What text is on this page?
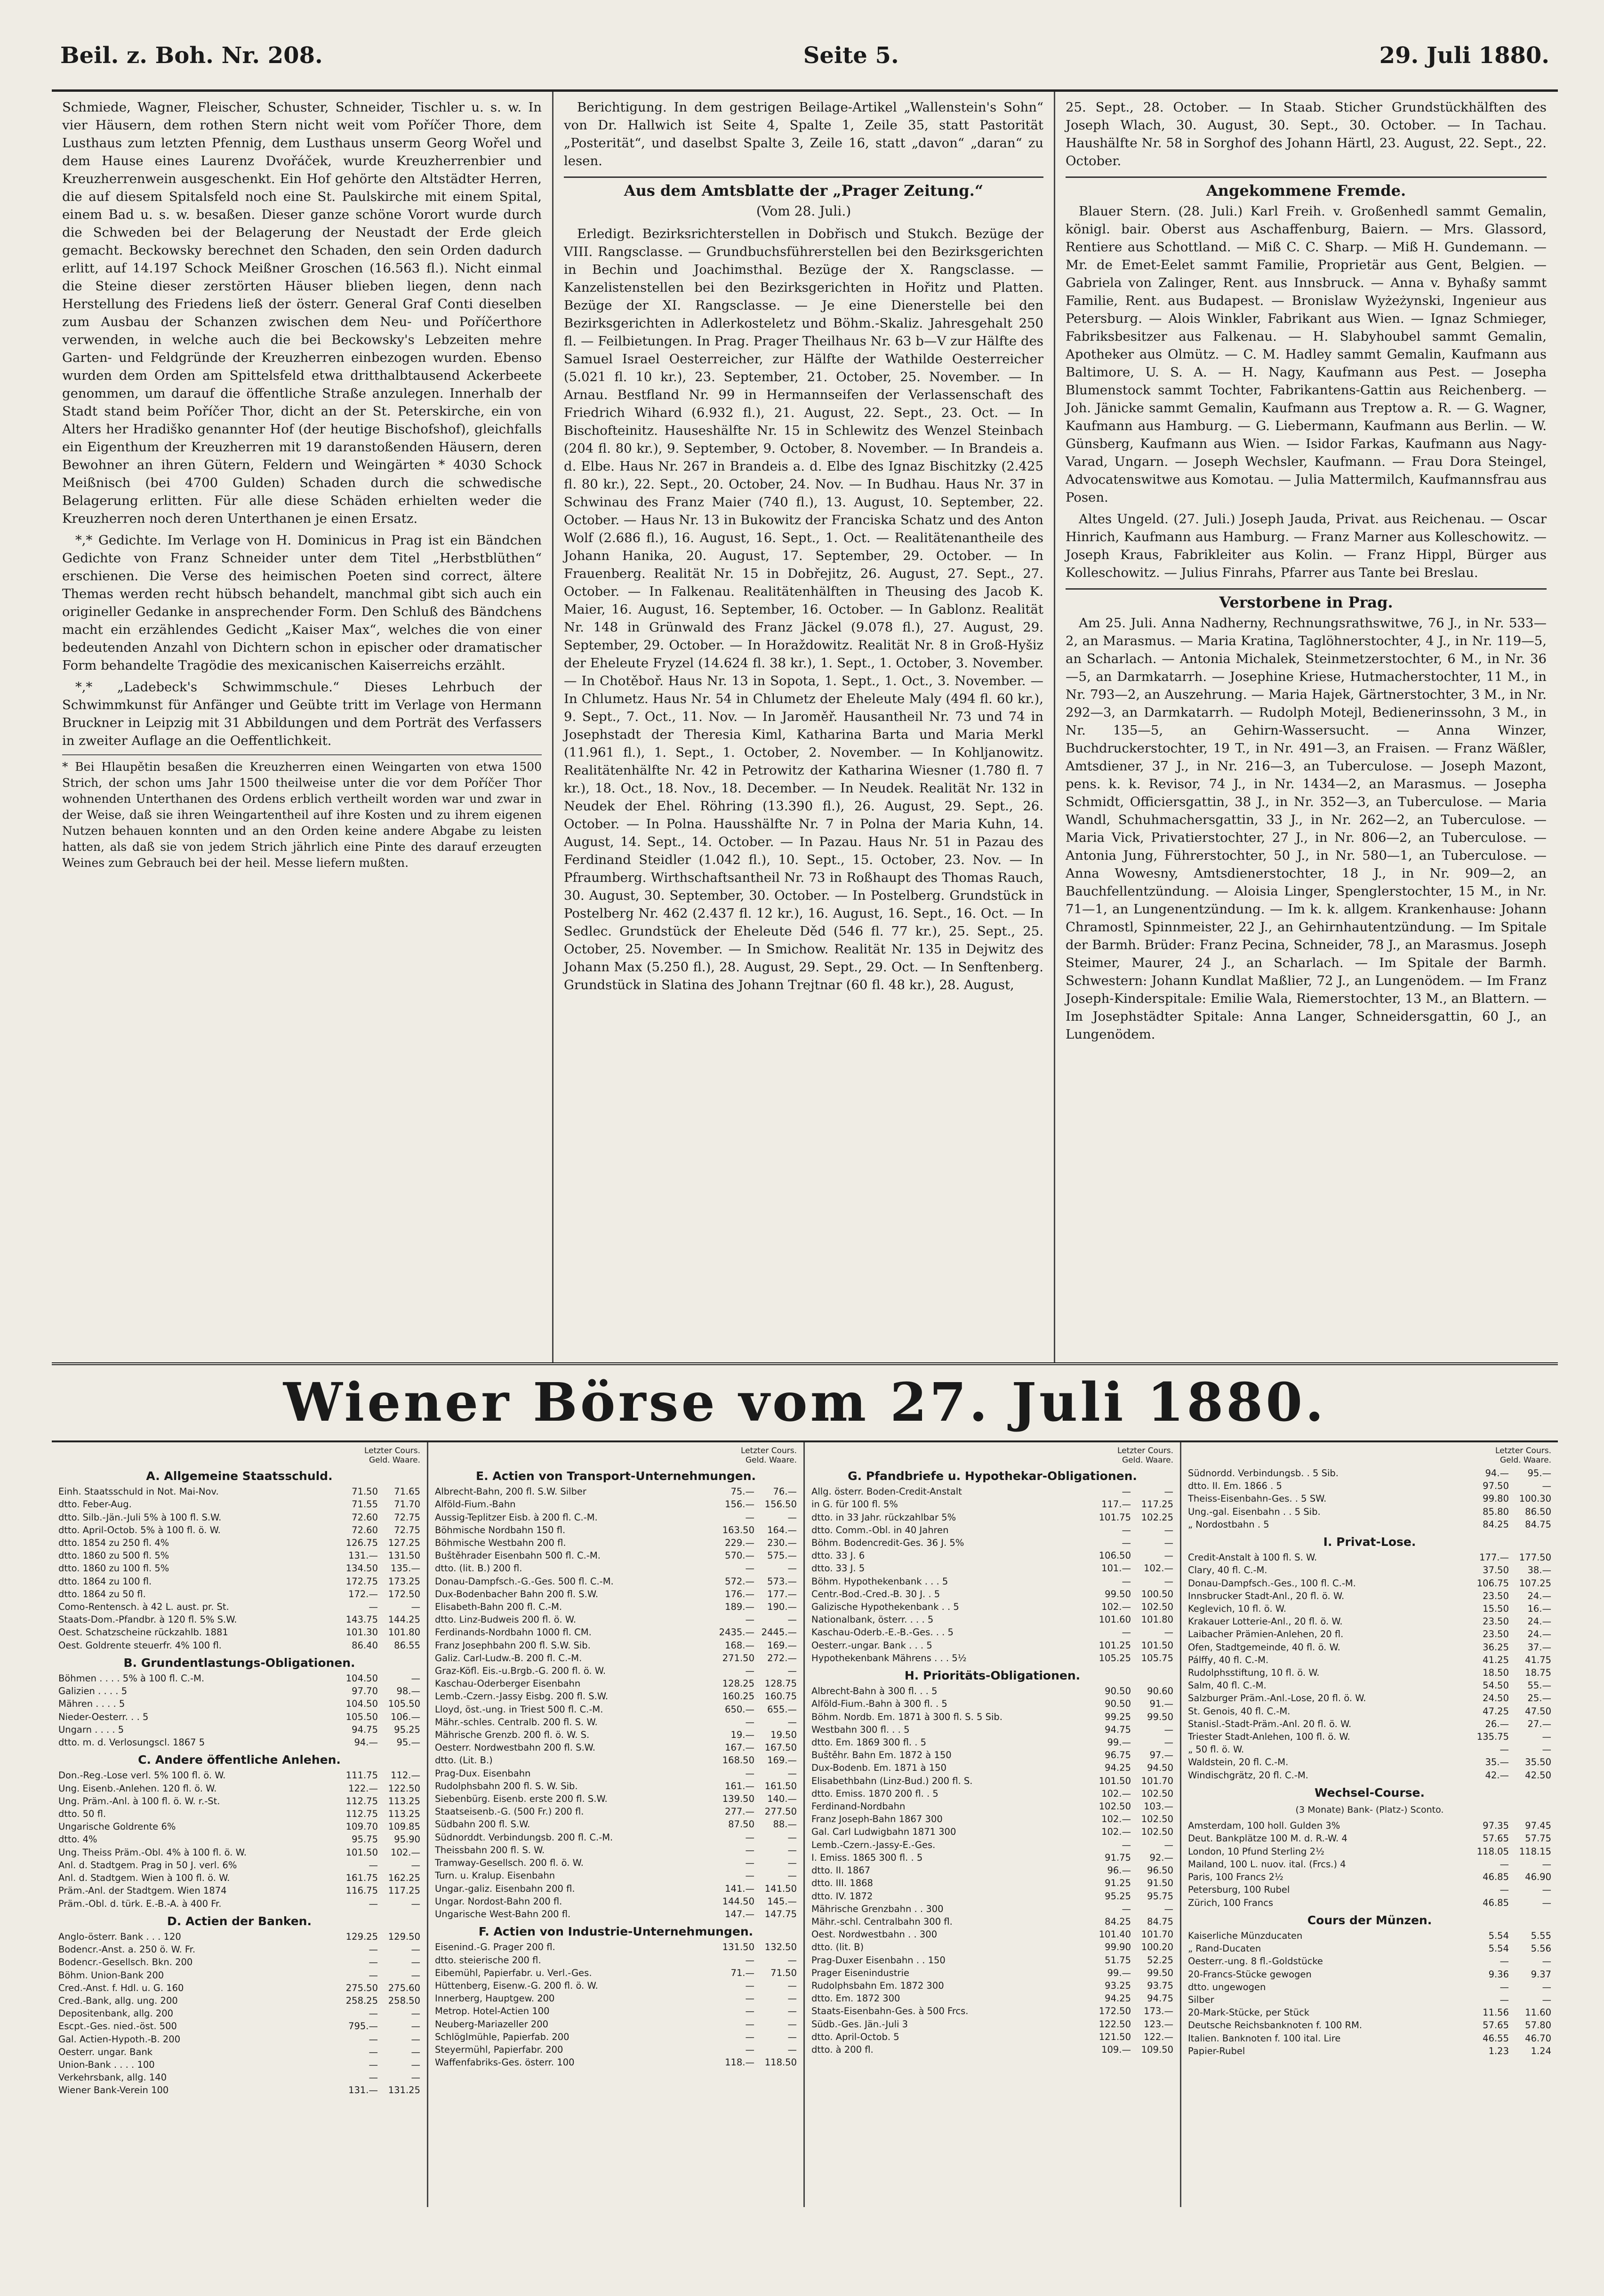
Beil. z. Boh. Nr. 208.	Seite 5.	29. Juli 1880.

Schmiede, Wagner, Fleischer, Schuster, Schneider, Tischler u. s. w. In vier Häusern, dem rothen Stern nicht weit vom Poříčer Thore, dem Lusthaus zum letzten Pfennig, dem Lusthaus unserm Georg Wořel und dem Hause eines Laurenz Dvořáček, wurde Kreuzherrenbier und Kreuzherrenwein ausgeschenkt. Ein Hof gehörte den Altstädter Herren, die auf diesem Spitalsfeld noch eine St. Paulskirche mit einem Spital, einem Bad u. s. w. besaßen. Dieser ganze schöne Vorort wurde durch die Schweden bei der Belagerung der Neustadt der Erde gleich gemacht. Beckowsky berechnet den Schaden, den sein Orden dadurch erlitt, auf 14.197 Schock Meißner Groschen (16.563 fl.). Nicht einmal die Steine dieser zerstörten Häuser blieben liegen, denn nach Herstellung des Friedens ließ der österr. General Graf Conti dieselben zum Ausbau der Schanzen zwischen dem Neu- und Poříčerthore verwenden, in welche auch die bei Beckowsky's Lebzeiten mehre Garten- und Feldgründe der Kreuzherren einbezogen wurden. Ebenso wurden dem Orden am Spittelsfeld etwa dritthalbtausend Ackerbeete genommen, um darauf die öffentliche Straße anzulegen. Innerhalb der Stadt stand beim Poříčer Thor, dicht an der St. Peterskirche, ein von Alters her Hradiško genannter Hof (der heutige Bischofshof), gleichfalls ein Eigenthum der Kreuzherren mit 19 daranstoßenden Häusern, deren Bewohner an ihren Gütern, Feldern und Weingärten * 4030 Schock Meißnisch (bei 4700 Gulden) Schaden durch die schwedische Belagerung erlitten. Für alle diese Schäden erhielten weder die Kreuzherren noch deren Unterthanen je einen Ersatz.

*,* Gedichte. Im Verlage von H. Dominicus in Prag ist ein Bändchen Gedichte von Franz Schneider unter dem Titel „Herbstblüthen“ erschienen. Die Verse des heimischen Poeten sind correct, ältere Themas werden recht hübsch behandelt, manchmal gibt sich auch ein origineller Gedanke in ansprechender Form. Den Schluß des Bändchens macht ein erzählendes Gedicht „Kaiser Max“, welches die von einer bedeutenden Anzahl von Dichtern schon in epischer oder dramatischer Form behandelte Tragödie des mexicanischen Kaiserreichs erzählt.

*,* „Ladebeck's Schwimmschule.“ Dieses Lehrbuch der Schwimmkunst für Anfänger und Geübte tritt im Verlage von Hermann Bruckner in Leipzig mit 31 Abbildungen und dem Porträt des Verfassers in zweiter Auflage an die Oeffentlichkeit.

* Bei Hlaupětin besaßen die Kreuzherren einen Weingarten von etwa 1500 Strich, der schon ums Jahr 1500 theilweise unter die vor dem Poříčer Thor wohnenden Unterthanen des Ordens erblich vertheilt worden war und zwar in der Weise, daß sie ihren Weingartentheil auf ihre Kosten und zu ihrem eigenen Nutzen behauen konnten und an den Orden keine andere Abgabe zu leisten hatten, als daß sie von jedem Strich jährlich eine Pinte des darauf erzeugten Weines zum Gebrauch bei der heil. Messe liefern mußten.

Berichtigung. In dem gestrigen Beilage-Artikel „Wallenstein's Sohn“ von Dr. Hallwich ist Seite 4, Spalte 1, Zeile 35, statt Pastorität „Posterität“, und daselbst Spalte 3, Zeile 16, statt „davon“ „daran“ zu lesen.

Aus dem Amtsblatte der „Prager Zeitung.“
(Vom 28. Juli.)

Erledigt. Bezirksrichterstellen in Dobřisch und Stukch. Bezüge der VIII. Rangsclasse. — Grundbuchsführerstellen bei den Bezirksgerichten in Bechin und Joachimsthal. Bezüge der X. Rangsclasse. — Kanzelistenstellen bei den Bezirksgerichten in Hořitz und Platten. Bezüge der XI. Rangsclasse. — Je eine Dienerstelle bei den Bezirksgerichten in Adlerkosteletz und Böhm.-Skaliz. Jahresgehalt 250 fl. — Feilbietungen. In Prag. Prager Theilhaus Nr. 63 b—V zur Hälfte des Samuel Israel Oesterreicher, zur Hälfte der Wathilde Oesterreicher (5.021 fl. 10 kr.), 23. September, 21. October, 25. November. — In Arnau. Bestfland Nr. 99 in Hermannseifen der Verlassenschaft des Friedrich Wihard (6.932 fl.), 21. August, 22. Sept., 23. Oct. — In Bischofteinitz. Hauseshälfte Nr. 15 in Schlewitz des Wenzel Steinbach (204 fl. 80 kr.), 9. September, 9. October, 8. November. — In Brandeis a. d. Elbe. Haus Nr. 267 in Brandeis a. d. Elbe des Ignaz Bischitzky (2.425 fl. 80 kr.), 22. Sept., 20. October, 24. Nov. — In Budhau. Haus Nr. 37 in Schwinau des Franz Maier (740 fl.), 13. August, 10. September, 22. October. — Haus Nr. 13 in Bukowitz der Franciska Schatz und des Anton Wolf (2.686 fl.), 16. August, 16. Sept., 1. Oct. — Realitätenantheile des Johann Hanika, 20. August, 17. September, 29. October. — In Frauenberg. Realität Nr. 15 in Dobřejitz, 26. August, 27. Sept., 27. October. — In Falkenau. Realitätenhälften in Theusing des Jacob K. Maier, 16. August, 16. September, 16. October. — In Gablonz. Realität Nr. 148 in Grünwald des Franz Jäckel (9.078 fl.), 27. August, 29. September, 29. October. — In Horaždowitz. Realität Nr. 8 in Groß-Hyšiz der Eheleute Fryzel (14.624 fl. 38 kr.), 1. Sept., 1. October, 3. November. — In Chotěboř. Haus Nr. 13 in Sopota, 1. Sept., 1. Oct., 3. November. — In Chlumetz. Haus Nr. 54 in Chlumetz der Eheleute Maly (494 fl. 60 kr.), 9. Sept., 7. Oct., 11. Nov. — In Jaroměř. Hausantheil Nr. 73 und 74 in Josephstadt der Theresia Kiml, Katharina Barta und Maria Merkl (11.961 fl.), 1. Sept., 1. October, 2. November. — In Kohljanowitz. Realitätenhälfte Nr. 42 in Petrowitz der Katharina Wiesner (1.780 fl. 7 kr.), 18. Oct., 18. Nov., 18. December. — In Neudek. Realität Nr. 132 in Neudek der Ehel. Röhring (13.390 fl.), 26. August, 29. Sept., 26. October. — In Polna. Hausshälfte Nr. 7 in Polna der Maria Kuhn, 14. August, 14. Sept., 14. October. — In Pazau. Haus Nr. 51 in Pazau des Ferdinand Steidler (1.042 fl.), 10. Sept., 15. October, 23. Nov. — In Pfraumberg. Wirthschaftsantheil Nr. 73 in Roßhaupt des Thomas Rauch, 30. August, 30. September, 30. October. — In Postelberg. Grundstück in Postelberg Nr. 462 (2.437 fl. 12 kr.), 16. August, 16. Sept., 16. Oct. — In Sedlec. Grundstück der Eheleute Děd (546 fl. 77 kr.), 25. Sept., 25. October, 25. November. — In Smichow. Realität Nr. 135 in Dejwitz des Johann Max (5.250 fl.), 28. August, 29. Sept., 29. Oct. — In Senftenberg. Grundstück in Slatina des Johann Trejtnar (60 fl. 48 kr.), 28. August,

25. Sept., 28. October. — In Staab. Sticher Grundstückhälften des Joseph Wlach, 30. August, 30. Sept., 30. October. — In Tachau. Haushälfte Nr. 58 in Sorghof des Johann Härtl, 23. August, 22. Sept., 22. October.

Angekommene Fremde.

Blauer Stern. (28. Juli.) Karl Freih. v. Großenhedl sammt Gemalin, königl. bair. Oberst aus Aschaffenburg, Baiern. — Mrs. Glassord, Rentiere aus Schottland. — Miß C. C. Sharp. — Miß H. Gundemann. — Mr. de Emet-Eelet sammt Familie, Proprietär aus Gent, Belgien. — Gabriela von Zalinger, Rent. aus Innsbruck. — Anna v. Byhaßy sammt Familie, Rent. aus Budapest. — Bronislaw Wyżeżynski, Ingenieur aus Petersburg. — Alois Winkler, Fabrikant aus Wien. — Ignaz Schmieger, Fabriksbesitzer aus Falkenau. — H. Slabyhoubel sammt Gemalin, Apotheker aus Olmütz. — C. M. Hadley sammt Gemalin, Kaufmann aus Baltimore, U. S. A. — H. Nagy, Kaufmann aus Pest. — Josepha Blumenstock sammt Tochter, Fabrikantens-Gattin aus Reichenberg. — Joh. Jänicke sammt Gemalin, Kaufmann aus Treptow a. R. — G. Wagner, Kaufmann aus Hamburg. — G. Liebermann, Kaufmann aus Berlin. — W. Günsberg, Kaufmann aus Wien. — Isidor Farkas, Kaufmann aus Nagy-Varad, Ungarn. — Joseph Wechsler, Kaufmann. — Frau Dora Steingel, Advocatenswitwe aus Komotau. — Julia Mattermilch, Kaufmannsfrau aus Posen.

Altes Ungeld. (27. Juli.) Joseph Jauda, Privat. aus Reichenau. — Oscar Hinrich, Kaufmann aus Hamburg. — Franz Marner aus Kolleschowitz. — Joseph Kraus, Fabrikleiter aus Kolin. — Franz Hippl, Bürger aus Kolleschowitz. — Julius Finrahs, Pfarrer aus Tante bei Breslau.

Verstorbene in Prag.

Am 25. Juli. Anna Nadherny, Rechnungsrathswitwe, 76 J., in Nr. 533—2, an Marasmus. — Maria Kratina, Taglöhnerstochter, 4 J., in Nr. 119—5, an Scharlach. — Antonia Michalek, Steinmetzerstochter, 6 M., in Nr. 36—5, an Darmkatarrh. — Josephine Kriese, Hutmacherstochter, 11 M., in Nr. 793—2, an Auszehrung. — Maria Hajek, Gärtnerstochter, 3 M., in Nr. 292—3, an Darmkatarrh. — Rudolph Motejl, Bedienerinssohn, 3 M., in Nr. 135—5, an Gehirn-Wassersucht. — Anna Winzer, Buchdruckerstochter, 19 T., in Nr. 491—3, an Fraisen. — Franz Wäßler, Amtsdiener, 37 J., in Nr. 216—3, an Tuberculose. — Joseph Mazont, pens. k. k. Revisor, 74 J., in Nr. 1434—2, an Marasmus. — Josepha Schmidt, Officiersgattin, 38 J., in Nr. 352—3, an Tuberculose. — Maria Wandl, Schuhmachersgattin, 33 J., in Nr. 262—2, an Tuberculose. — Maria Vick, Privatierstochter, 27 J., in Nr. 806—2, an Tuberculose. — Antonia Jung, Führerstochter, 50 J., in Nr. 580—1, an Tuberculose. — Anna Wowesny, Amtsdienerstochter, 18 J., in Nr. 909—2, an Bauchfellentzündung. — Aloisia Linger, Spenglerstochter, 15 M., in Nr. 71—1, an Lungenentzündung. — Im k. k. allgem. Krankenhause: Johann Chramostl, Spinnmeister, 22 J., an Gehirnhautentzündung. — Im Spitale der Barmh. Brüder: Franz Pecina, Schneider, 78 J., an Marasmus. Joseph Steimer, Maurer, 24 J., an Scharlach. — Im Spitale der Barmh. Schwestern: Johann Kundlat Maßlier, 72 J., an Lungenödem. — Im Franz Joseph-Kinderspitale: Emilie Wala, Riemerstochter, 13 M., an Blattern. — Im Josephstädter Spitale: Anna Langer, Schneidersgattin, 60 J., an Lungenödem.

Wiener Börse vom 27. Juli 1880.
Letzter Cours.
Geld. Waare.
A. Allgemeine Staatsschuld.
Einh. Staatsschuld in Not. Mai-Nov.	71.50	71.65
dtto. Feber-Aug.	71.55	71.70
dtto. Silb.-Jän.-Juli 5% à 100 fl. S.W.	72.60	72.75
dtto. April-Octob. 5% à 100 fl. ö. W.	72.60	72.75
dtto. 1854 zu 250 fl. 4%	126.75	127.25
dtto. 1860 zu 500 fl. 5%	131.—	131.50
dtto. 1860 zu 100 fl. 5%	134.50	135.—
dtto. 1864 zu 100 fl.	172.75	173.25
dtto. 1864 zu 50 fl.	172.—	172.50
Como-Rentensch. à 42 L. aust. pr. St.	—	—
Staats-Dom.-Pfandbr. à 120 fl. 5% S.W.	143.75	144.25
Oest. Schatzscheine rückzahlb. 1881	101.30	101.80
Oest. Goldrente steuerfr. 4% 100 fl.	86.40	86.55
B. Grundentlastungs-Obligationen.
Böhmen . . . . 5% à 100 fl. C.-M.	104.50	—
Galizien . . . . 5	97.70	98.—
Mähren . . . . 5	104.50	105.50
Nieder-Oesterr. . . 5	105.50	106.—
Ungarn . . . . 5	94.75	95.25
dtto. m. d. Verlosungscl. 1867 5	94.—	95.—
C. Andere öffentliche Anlehen.
Don.-Reg.-Lose verl. 5% 100 fl. ö. W.	111.75	112.—
Ung. Eisenb.-Anlehen. 120 fl. ö. W.	122.—	122.50
Ung. Präm.-Anl. à 100 fl. ö. W. r.-St.	112.75	113.25
dtto. 50 fl.	112.75	113.25
Ungarische Goldrente 6%	109.70	109.85
dtto. 4%	95.75	95.90
Ung. Theiss Präm.-Obl. 4% à 100 fl. ö. W.	101.50	102.—
Anl. d. Stadtgem. Prag in 50 J. verl. 6%	—	—
Anl. d. Stadtgem. Wien à 100 fl. ö. W.	161.75	162.25
Präm.-Anl. der Stadtgem. Wien 1874	116.75	117.25
Präm.-Obl. d. türk. E.-B.-A. à 400 Fr.	—	—
D. Actien der Banken.
Anglo-österr. Bank . . . 120	129.25	129.50
Bodencr.-Anst. a. 250 ö. W. Fr.	—	—
Bodencr.-Gesellsch. Bkn. 200	—	—
Böhm. Union-Bank 200	—	—
Cred.-Anst. f. Hdl. u. G. 160	275.50	275.60
Cred.-Bank, allg. ung. 200	258.25	258.50
Depositenbank, allg. 200	—	—
Escpt.-Ges. nied.-öst. 500	795.—	—
Gal. Actien-Hypoth.-B. 200	—	—
Oesterr. ungar. Bank	—	—
Union-Bank . . . . 100	—	—
Verkehrsbank, allg. 140	—	—
Wiener Bank-Verein 100	131.—	131.25
Letzter Cours.
Geld. Waare.
E. Actien von Transport-Unternehmungen.
Albrecht-Bahn, 200 fl. S.W. Silber	75.—	76.—
Alföld-Fium.-Bahn	156.—	156.50
Aussig-Teplitzer Eisb. à 200 fl. C.-M.	—	—
Böhmische Nordbahn 150 fl.	163.50	164.—
Böhmische Westbahn 200 fl.	229.—	230.—
Buštěhrader Eisenbahn 500 fl. C.-M.	570.—	575.—
dtto. (lit. B.) 200 fl.	—	—
Donau-Dampfsch.-G.-Ges. 500 fl. C.-M.	572.—	573.—
Dux-Bodenbacher Bahn 200 fl. S.W.	176.—	177.—
Elisabeth-Bahn 200 fl. C.-M.	189.—	190.—
dtto. Linz-Budweis 200 fl. ö. W.	—	—
Ferdinands-Nordbahn 1000 fl. CM.	2435.— 2445.—
Franz Josephbahn 200 fl. S.W. Sib.	168.—	169.—
Galiz. Carl-Ludw.-B. 200 fl. C.-M.	271.50	272.—
Graz-Köfl. Eis.-u.Brgb.-G. 200 fl. ö. W.	—	—
Kaschau-Oderberger Eisenbahn	128.25	128.75
Lemb.-Czern.-Jassy Eisbg. 200 fl. S.W.	160.25	160.75
Lloyd, öst.-ung. in Triest 500 fl. C.-M.	650.—	655.—
Mähr.-schles. Centralb. 200 fl. S. W.	—	—
Mährische Grenzb. 200 fl. ö. W. S.	19.—	19.50
Oesterr. Nordwestbahn 200 fl. S.W.	167.—	167.50
dtto. (Lit. B.)	168.50	169.—
Prag-Dux. Eisenbahn	—	—
Rudolphsbahn 200 fl. S. W. Sib.	161.—	161.50
Siebenbürg. Eisenb. erste 200 fl. S.W.	139.50	140.—
Staatseisenb.-G. (500 Fr.) 200 fl.	277.—	277.50
Südbahn 200 fl. S.W.	87.50	88.—
Südnorddt. Verbindungsb. 200 fl. C.-M.	—	—
Theissbahn 200 fl. S. W.	—	—
Tramway-Gesellsch. 200 fl. ö. W.	—	—
Turn. u. Kralup. Eisenbahn	—	—
Ungar.-galiz. Eisenbahn 200 fl.	141.—	141.50
Ungar. Nordost-Bahn 200 fl.	144.50	145.—
Ungarische West-Bahn 200 fl.	147.—	147.75
F. Actien von Industrie-Unternehmungen.
Eisenind.-G. Prager 200 fl.	131.50	132.50
dtto. steierische 200 fl.	—	—
Eibemühl, Papierfabr. u. Verl.-Ges.	71.—	71.50
Hüttenberg, Eisenw.-G. 200 fl. ö. W.	—	—
Innerberg, Hauptgew. 200	—	—
Metrop. Hotel-Actien 100	—	—
Neuberg-Mariazeller 200	—	—
Schlöglmühle, Papierfab. 200	—	—
Steyermühl, Papierfabr. 200	—	—
Waffenfabriks-Ges. österr. 100	118.—	118.50
Letzter Cours.
Geld. Waare.
G. Pfandbriefe u. Hypothekar-Obligationen.
Allg. österr. Boden-Credit-Anstalt	—	—
in G. für 100 fl. 5%	117.—	117.25
dtto. in 33 Jahr. rückzahlbar 5%	101.75	102.25
dtto. Comm.-Obl. in 40 Jahren	—	—
Böhm. Bodencredit-Ges. 36 J. 5%	—	—
dtto. 33 J. 6	106.50	—
dtto. 33 J. 5	101.—	102.—
Böhm. Hypothekenbank . . . 5	—	—
Centr.-Bod.-Cred.-B. 30 J. . 5	99.50	100.50
Galizische Hypothekenbank . . 5	102.—	102.50
Nationalbank, österr. . . . 5	101.60	101.80
Kaschau-Oderb.-E.-B.-Ges. . . 5	—	—
Oesterr.-ungar. Bank . . . 5	101.25	101.50
Hypothekenbank Mährens . . . 5½	105.25	105.75
H. Prioritäts-Obligationen.
Albrecht-Bahn à 300 fl. . . 5	90.50	90.60
Alföld-Fium.-Bahn à 300 fl. . 5	90.50	91.—
Böhm. Nordb. Em. 1871 à 300 fl. S. 5 Sib.	99.25	99.50
Westbahn 300 fl. . . 5	94.75	—
dtto. Em. 1869 300 fl. . 5	99.—	—
Buštěhr. Bahn Em. 1872 à 150	96.75	97.—
Dux-Bodenb. Em. 1871 à 150	94.25	94.50
Elisabethbahn (Linz-Bud.) 200 fl. S.	101.50	101.70
dtto. Emiss. 1870 200 fl. . 5	102.—	102.50
Ferdinand-Nordbahn	102.50	103.—
Franz Joseph-Bahn 1867 300	102.—	102.50
Gal. Carl Ludwigbahn 1871 300	102.—	102.50
Lemb.-Czern.-Jassy-E.-Ges.	—	—
I. Emiss. 1865 300 fl. . 5	91.75	92.—
dtto. II. 1867	96.—	96.50
dtto. III. 1868	91.25	91.50
dtto. IV. 1872	95.25	95.75
Mährische Grenzbahn . . 300	—	—
Mähr.-schl. Centralbahn 300 fl.	84.25	84.75
Oest. Nordwestbahn . . 300	101.40	101.70
dtto. (lit. B)	99.90	100.20
Prag-Duxer Eisenbahn . . 150	51.75	52.25
Prager Eisenindustrie	99.—	99.50
Rudolphsbahn Em. 1872 300	93.25	93.75
dtto. Em. 1872 300	94.25	94.75
Staats-Eisenbahn-Ges. à 500 Frcs.	172.50	173.—
Südb.-Ges. Jän.-Juli 3	122.50	123.—
dtto. April-Octob. 5	121.50	122.—
dtto. à 200 fl.	109.—	109.50
Letzter Cours.
Geld. Waare.
Südnordd. Verbindungsb. . 5 Sib.	94.—	95.—
dtto. II. Em. 1866 . 5	97.50	—
Theiss-Eisenbahn-Ges. . 5 SW.	99.80	100.30
Ung.-gal. Eisenbahn . . 5 Sib.	85.80	86.50
„ Nordostbahn . 5	84.25	84.75
I. Privat-Lose.
Credit-Anstalt à 100 fl. S. W.	177.—	177.50
Clary, 40 fl. C.-M.	37.50	38.—
Donau-Dampfsch.-Ges., 100 fl. C.-M.	106.75	107.25
Innsbrucker Stadt-Anl., 20 fl. ö. W.	23.50	24.—
Keglevich, 10 fl. ö. W.	15.50	16.—
Krakauer Lotterie-Anl., 20 fl. ö. W.	23.50	24.—
Laibacher Prämien-Anlehen, 20 fl.	23.50	24.—
Ofen, Stadtgemeinde, 40 fl. ö. W.	36.25	37.—
Pálffy, 40 fl. C.-M.	41.25	41.75
Rudolphsstiftung, 10 fl. ö. W.	18.50	18.75
Salm, 40 fl. C.-M.	54.50	55.—
Salzburger Präm.-Anl.-Lose, 20 fl. ö. W.	24.50	25.—
St. Genois, 40 fl. C.-M.	47.25	47.50
Stanisl.-Stadt-Präm.-Anl. 20 fl. ö. W.	26.—	27.—
Triester Stadt-Anlehen, 100 fl. ö. W.	135.75	—
„ 50 fl. ö. W.	—	—
Waldstein, 20 fl. C.-M.	35.—	35.50
Windischgrätz, 20 fl. C.-M.	42.—	42.50
Wechsel-Course.
(3 Monate) Bank- (Platz-) Sconto.
Amsterdam, 100 holl. Gulden 3%	97.35	97.45
Deut. Bankplätze 100 M. d. R.-W. 4	57.65	57.75
London, 10 Pfund Sterling 2½	118.05	118.15
Mailand, 100 L. nuov. ital. (Frcs.) 4	—	—
Paris, 100 Francs 2½	46.85	46.90
Petersburg, 100 Rubel	—	—
Zürich, 100 Francs	46.85	—
Cours der Münzen.
Kaiserliche Münzducaten	5.54	5.55
„ Rand-Ducaten	5.54	5.56
Oesterr.-ung. 8 fl.-Goldstücke	—	—
20-Francs-Stücke gewogen	9.36	9.37
dtto. ungewogen	—	—
Silber	—	—
20-Mark-Stücke, per Stück	11.56	11.60
Deutsche Reichsbanknoten f. 100 RM.	57.65	57.80
Italien. Banknoten f. 100 ital. Lire	46.55	46.70
Papier-Rubel	1.23	1.24
